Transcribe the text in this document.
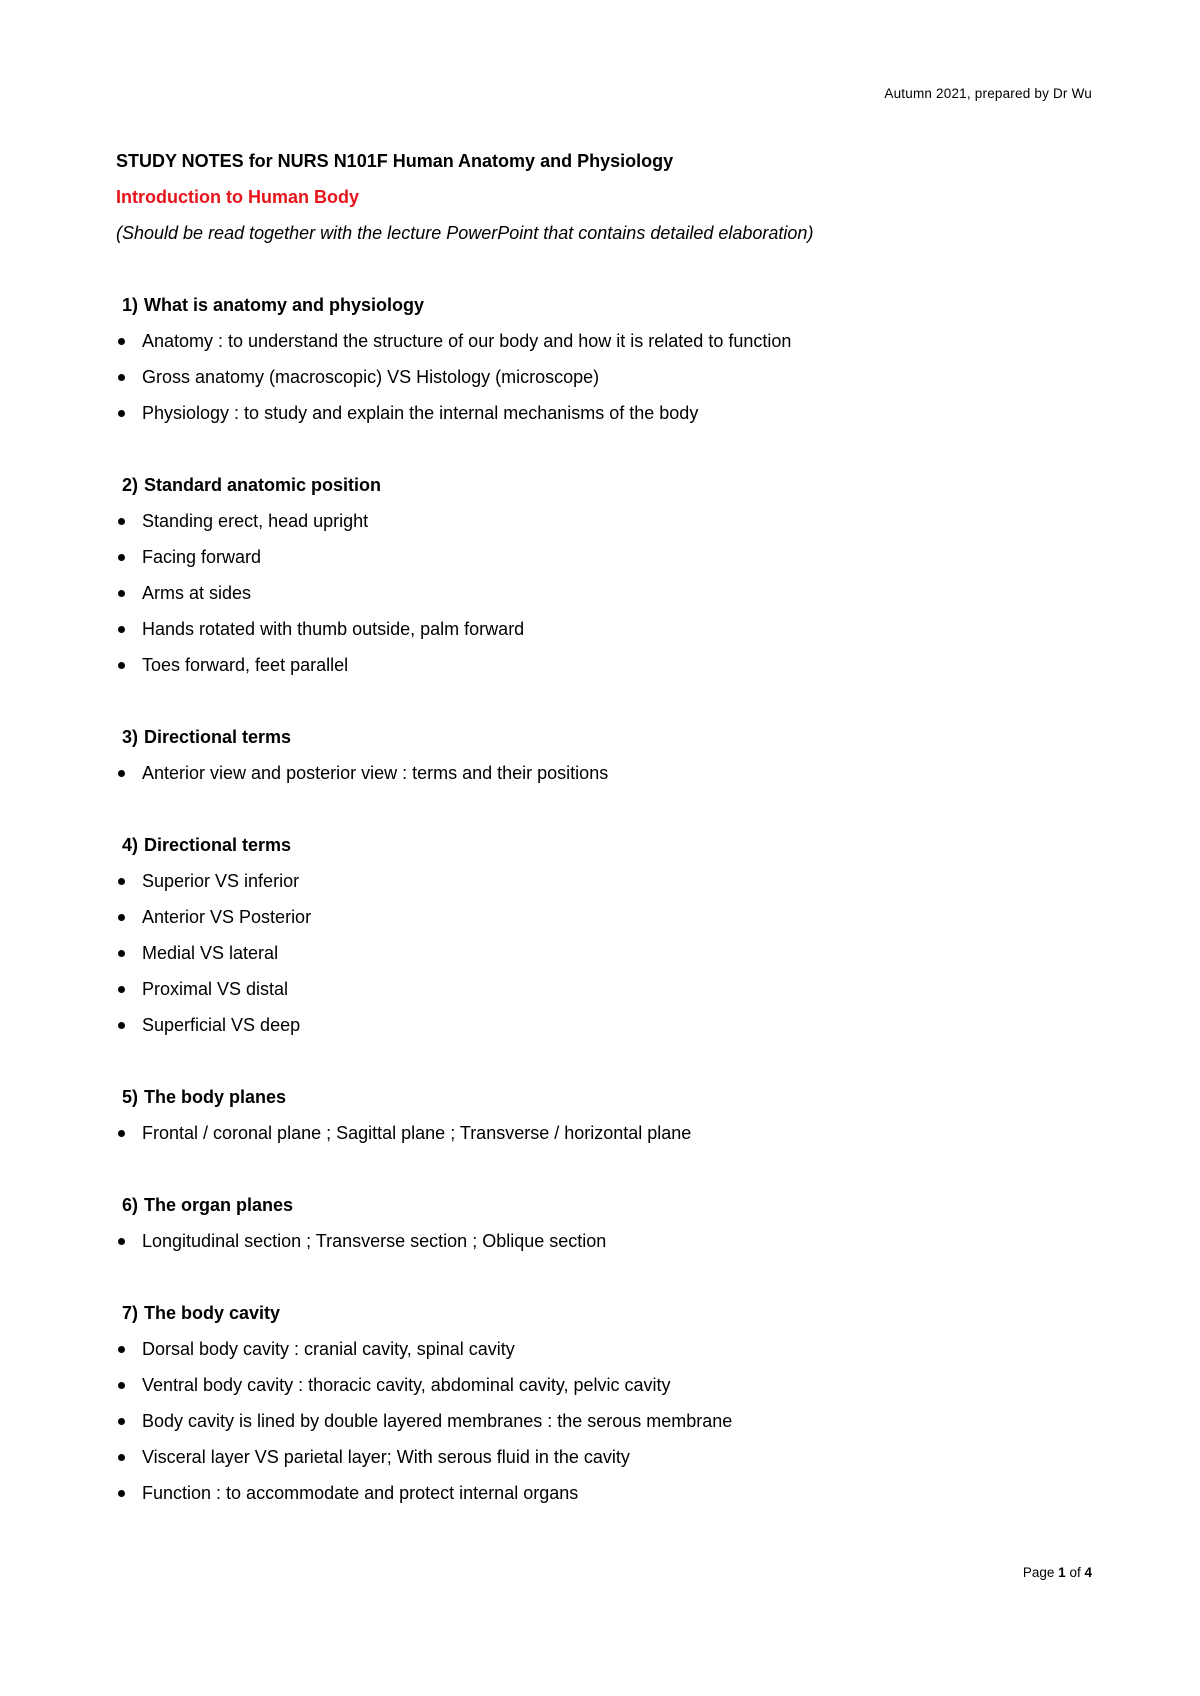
Autumn 2021, prepared by Dr Wu
STUDY NOTES for NURS N101F Human Anatomy and Physiology
Introduction to Human Body
(Should be read together with the lecture PowerPoint that contains detailed elaboration)
1) What is anatomy and physiology
Anatomy : to understand the structure of our body and how it is related to function
Gross anatomy (macroscopic) VS Histology (microscope)
Physiology : to study and explain the internal mechanisms of the body
2) Standard anatomic position
Standing erect, head upright
Facing forward
Arms at sides
Hands rotated with thumb outside, palm forward
Toes forward, feet parallel
3) Directional terms
Anterior view and posterior view : terms and their positions
4) Directional terms
Superior VS inferior
Anterior VS Posterior
Medial VS lateral
Proximal VS distal
Superficial VS deep
5) The body planes
Frontal / coronal plane ; Sagittal plane ; Transverse / horizontal plane
6) The organ planes
Longitudinal section ; Transverse section ; Oblique section
7) The body cavity
Dorsal body cavity : cranial cavity, spinal cavity
Ventral body cavity : thoracic cavity, abdominal cavity, pelvic cavity
Body cavity is lined by double layered membranes : the serous membrane
Visceral layer VS parietal layer; With serous fluid in the cavity
Function : to accommodate and protect internal organs
Page 1 of 4
